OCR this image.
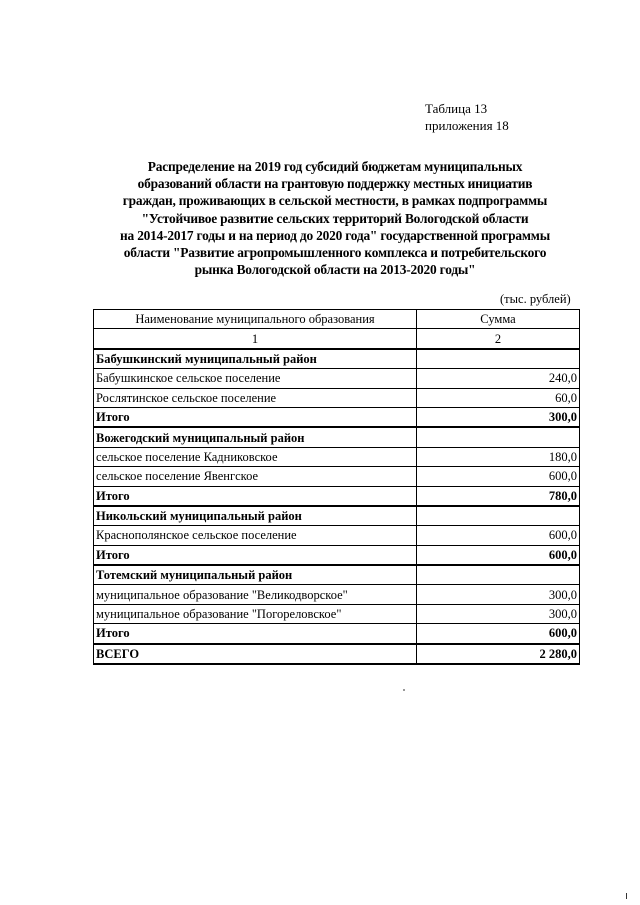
Таблица 13
приложения 18
Распределение на 2019 год субсидий бюджетам муниципальных
образований области на грантовую поддержку местных инициатив
граждан, проживающих в сельской местности, в рамках подпрограммы
"Устойчивое развитие сельских территорий Вологодской области
на 2014-2017 годы и на период до 2020 года" государственной программы
области "Развитие агропромышленного комплекса и потребительского
рынка Вологодской области на 2013-2020 годы"
(тыс. рублей)
Наименование муниципального образования	Сумма
1	2
Бабушкинский муниципальный район	
Бабушкинское сельское поселение	240,0
Рослятинское сельское поселение	60,0
Итого	300,0
Вожегодский муниципальный район	
сельское поселение Кадниковское	180,0
сельское поселение Явенгское	600,0
Итого	780,0
Никольский муниципальный район	
Краснополянское сельское поселение	600,0
Итого	600,0
Тотемский муниципальный район	
муниципальное образование "Великодворское"	300,0
муниципальное образование "Погореловское"	300,0
Итого	600,0
ВСЕГО	2 280,0
